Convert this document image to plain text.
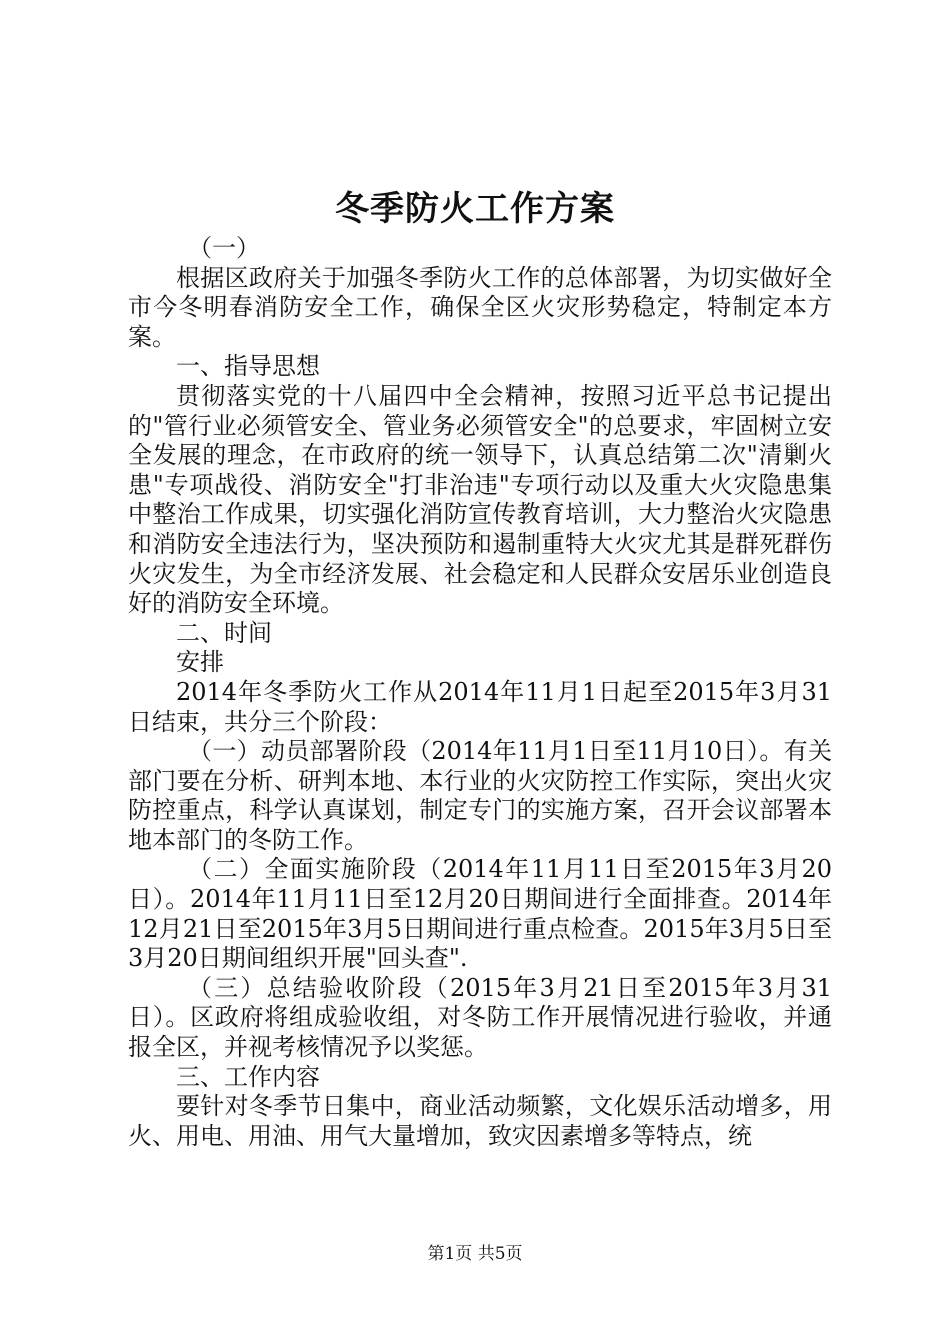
冬季防火工作方案

（一）

根据区政府关于加强冬季防火工作的总体部署，为切实做好全市今冬明春消防安全工作，确保全区火灾形势稳定，特制定本方案。

一、指导思想

贯彻落实党的十八届四中全会精神，按照习近平总书记提出的"管行业必须管安全、管业务必须管安全"的总要求，牢固树立安全发展的理念，在市政府的统一领导下，认真总结第二次"清剿火患"专项战役、消防安全"打非治违"专项行动以及重大火灾隐患集中整治工作成果，切实强化消防宣传教育培训，大力整治火灾隐患和消防安全违法行为，坚决预防和遏制重特大火灾尤其是群死群伤火灾发生，为全市经济发展、社会稳定和人民群众安居乐业创造良好的消防安全环境。

二、时间

安排

2014年冬季防火工作从2014年11月1日起至2015年3月31日结束，共分三个阶段：

（一）动员部署阶段（2014年11月1日至11月10日）。有关部门要在分析、研判本地、本行业的火灾防控工作实际，突出火灾防控重点，科学认真谋划，制定专门的实施方案，召开会议部署本地本部门的冬防工作。

（二）全面实施阶段（2014年11月11日至2015年3月20日）。2014年11月11日至12月20日期间进行全面排查。2014年12月21日至2015年3月5日期间进行重点检查。2015年3月5日至3月20日期间组织开展"回头查".

（三）总结验收阶段（2015年3月21日至2015年3月31日）。区政府将组成验收组，对冬防工作开展情况进行验收，并通报全区，并视考核情况予以奖惩。

三、工作内容

要针对冬季节日集中，商业活动频繁，文化娱乐活动增多，用火、用电、用油、用气大量增加，致灾因素增多等特点，统

第1页 共5页
